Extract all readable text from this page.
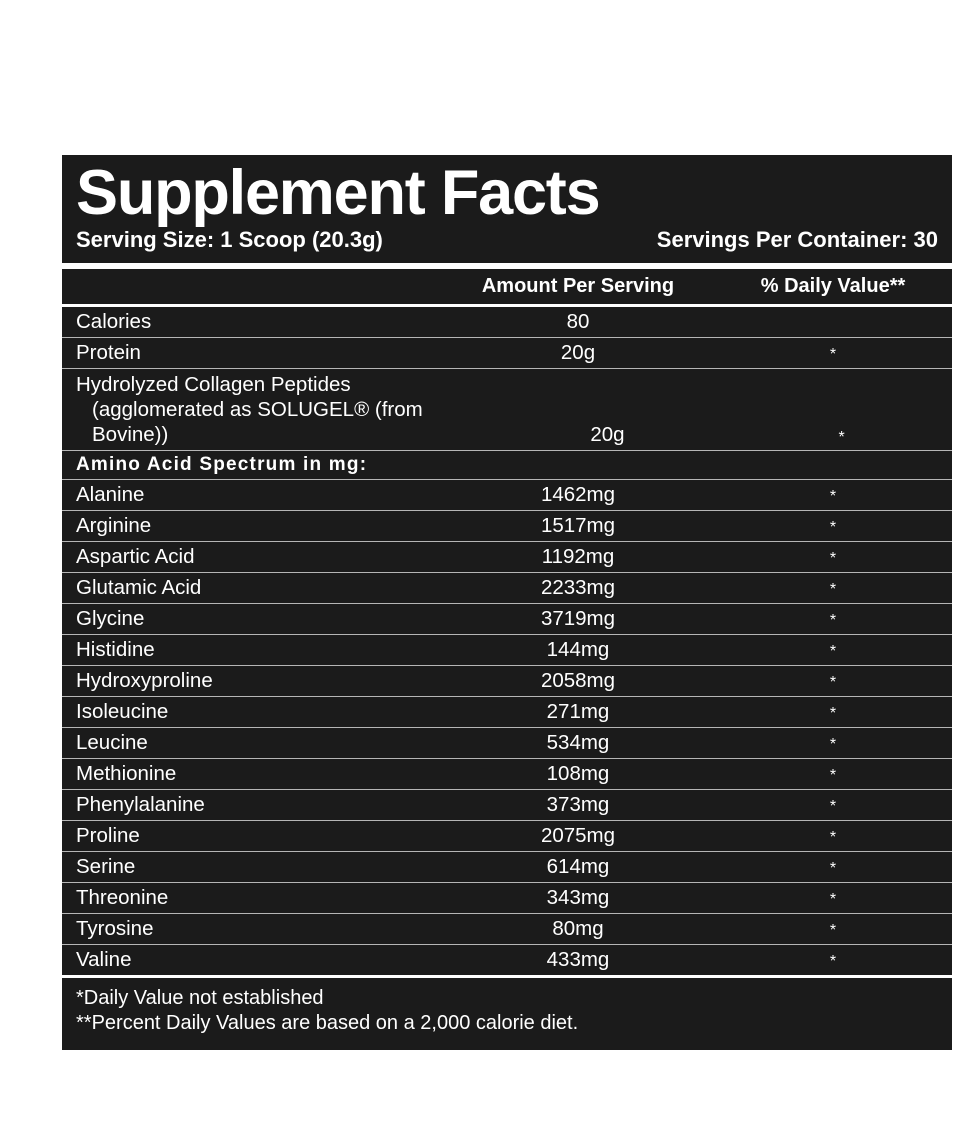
Supplement Facts
Serving Size: 1 Scoop (20.3g)	Servings Per Container: 30
Amount Per Serving	% Daily Value**
Calories	80
Protein	20g	*
Hydrolyzed Collagen Peptides
(agglomerated as SOLUGEL® (from Bovine))	20g	*
Amino Acid Spectrum in mg:
Alanine	1462mg	*
Arginine	1517mg	*
Aspartic Acid	1192mg	*
Glutamic Acid	2233mg	*
Glycine	3719mg	*
Histidine	144mg	*
Hydroxyproline	2058mg	*
Isoleucine	271mg	*
Leucine	534mg	*
Methionine	108mg	*
Phenylalanine	373mg	*
Proline	2075mg	*
Serine	614mg	*
Threonine	343mg	*
Tyrosine	80mg	*
Valine	433mg	*
*Daily Value not established
**Percent Daily Values are based on a 2,000 calorie diet.
